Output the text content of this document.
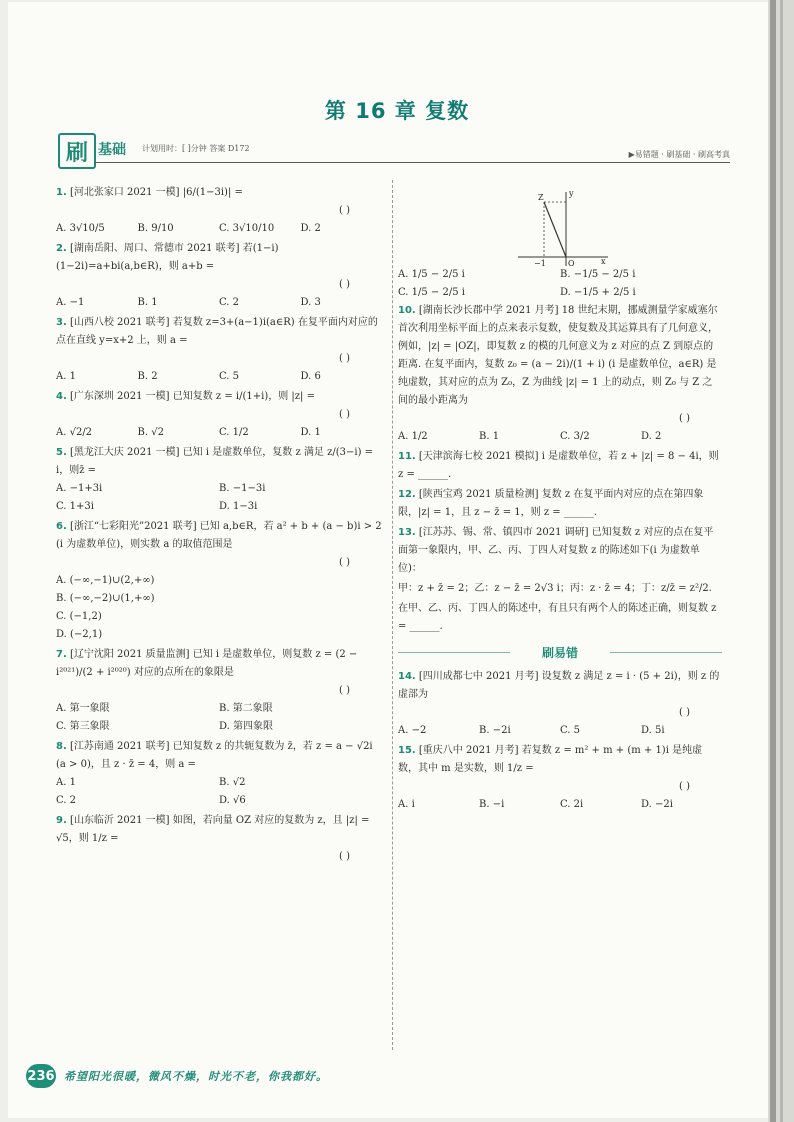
第 16 章 复数
刷 基础 计划用时：[ ]分钟 答案 D172
▶易错题 · 刷基础 · 刷高考真

1. [河北张家口 2021 一模] |6/(1−3i)| =

( )
A. 3√10/5	B. 9/10	C. 3√10/10	D. 2

2. [湖南岳阳、周口、常德市 2021 联考] 若(1−i)(1−2i)=a+bi(a,b∈R)，则 a+b =

( )
A. −1	B. 1	C. 2	D. 3

3. [山西八校 2021 联考] 若复数 z=3+(a−1)i(a∈R) 在复平面内对应的点在直线 y=x+2 上，则 a =

( )
A. 1	B. 2	C. 5	D. 6

4. [广东深圳 2021 一模] 已知复数 z = i/(1+i)，则 |z| =

( )
A. √2/2	B. √2	C. 1/2	D. 1

5. [黑龙江大庆 2021 一模] 已知 i 是虚数单位，复数 z 满足 z/(3−i) = i，则z̄ =

A. −1+3i	B. −1−3i
C. 1+3i	D. 1−3i

6. [浙江“七彩阳光”2021 联考] 已知 a,b∈R，若 a² + b + (a − b)i > 2 (i 为虚数单位)，则实数 a 的取值范围是

( )
A. (−∞,−1)∪(2,+∞)
B. (−∞,−2)∪(1,+∞)
C. (−1,2)
D. (−2,1)

7. [辽宁沈阳 2021 质量监测] 已知 i 是虚数单位，则复数 z = (2 − i²⁰²¹)/(2 + i²⁰²⁰) 对应的点所在的象限是

( )
A. 第一象限	B. 第二象限
C. 第三象限	D. 第四象限

8. [江苏南通 2021 联考] 已知复数 z 的共轭复数为 z̄，若 z = a − √2i (a > 0)，且 z · z̄ = 4，则 a =

A. 1	B. √2
C. 2	D. √6

9. [山东临沂 2021 一模] 如图，若向量 OZ 对应的复数为 z，且 |z| = √5，则 1/z =

( )
Z	y
x
O
−1
A. 1/5 − 2/5 i	B. −1/5 − 2/5 i
C. 1/5 − 2/5 i	D. −1/5 + 2/5 i

10. [湖南长沙长郡中学 2021 月考] 18 世纪末期，挪威测量学家威塞尔首次利用坐标平面上的点来表示复数，使复数及其运算具有了几何意义，例如，|z| = |OZ|，即复数 z 的模的几何意义为 z 对应的点 Z 到原点的距离. 在复平面内，复数 z₀ = (a − 2i)/(1 + i) (i 是虚数单位，a∈R) 是纯虚数，其对应的点为 Z₀，Z 为曲线 |z| = 1 上的动点，则 Z₀ 与 Z 之间的最小距离为

( )
A. 1/2	B. 1	C. 3/2	D. 2

11. [天津滨海七校 2021 模拟] i 是虚数单位，若 z + |z| = 8 − 4i，则 z = ______.

12. [陕西宝鸡 2021 质量检测] 复数 z 在复平面内对应的点在第四象限，|z| = 1，且 z − z̄ = 1，则 z = ______.

13. [江苏苏、锡、常、镇四市 2021 调研] 已知复数 z 对应的点在复平面第一象限内，甲、乙、丙、丁四人对复数 z 的陈述如下(i 为虚数单位)：

甲：z + z̄ = 2；乙：z − z̄ = 2√3 i；丙：z · z̄ = 4；丁：z/z̄ = z²/2.

在甲、乙、丙、丁四人的陈述中，有且只有两个人的陈述正确，则复数 z = ______.

刷易错

14. [四川成都七中 2021 月考] 设复数 z 满足 z = i · (5 + 2i)，则 z 的虚部为

( )
A. −2	B. −2i	C. 5	D. 5i

15. [重庆八中 2021 月考] 若复数 z = m² + m + (m + 1)i 是纯虚数，其中 m 是实数，则 1/z =

( )
A. i	B. −i	C. 2i	D. −2i
236 希望阳光很暖，微风不燥，时光不老，你我都好。
